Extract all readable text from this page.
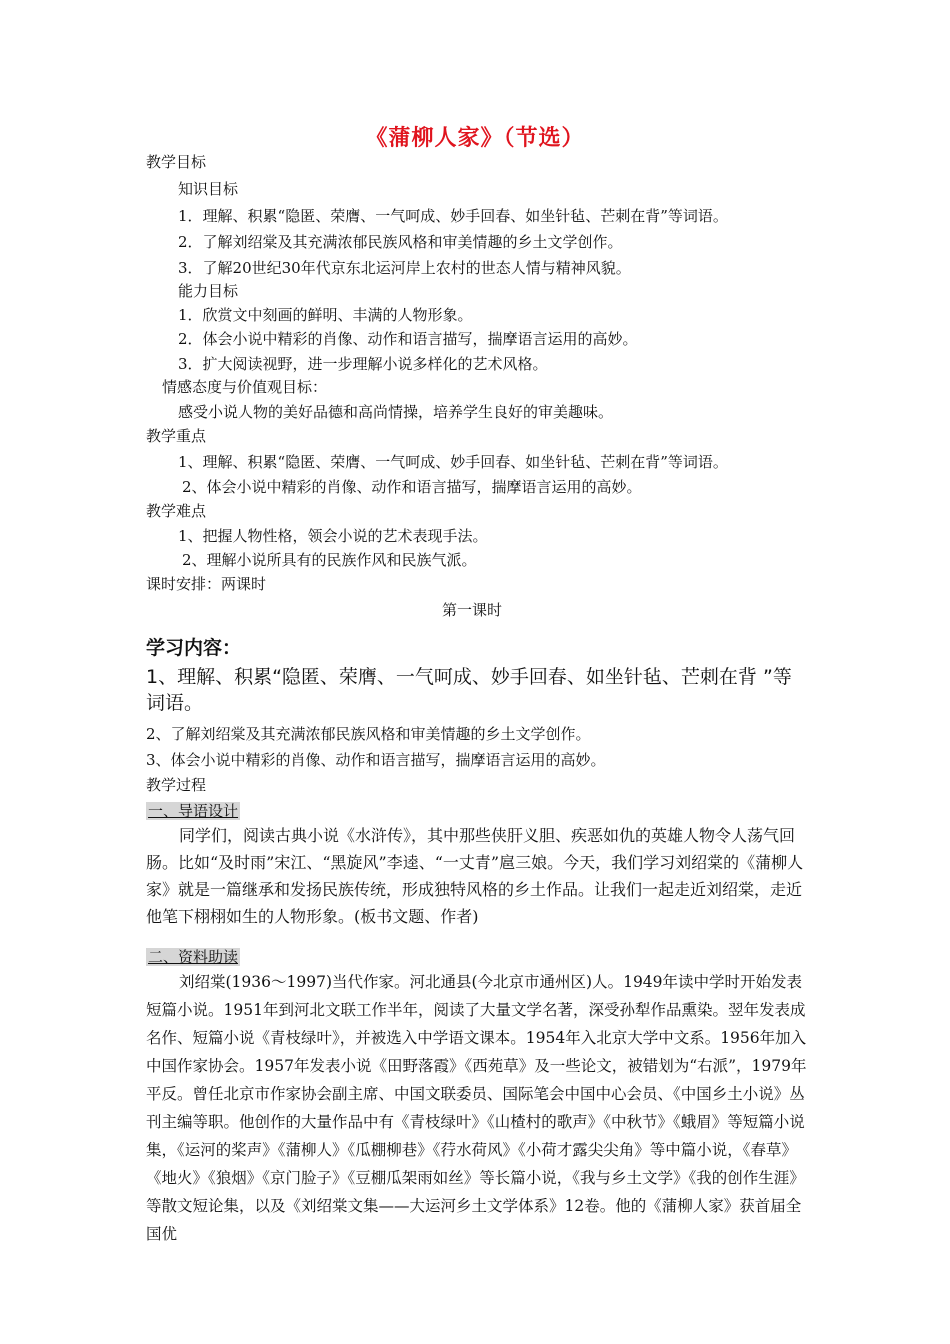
《蒲柳人家》（节选）
教学目标
知识目标
1．理解、积累“隐匿、荣膺、一气呵成、妙手回春、如坐针毡、芒刺在背”等词语。
2．了解刘绍棠及其充满浓郁民族风格和审美情趣的乡土文学创作。
3．了解20世纪30年代京东北运河岸上农村的世态人情与精神风貌。
能力目标
1．欣赏文中刻画的鲜明、丰满的人物形象。
2．体会小说中精彩的肖像、动作和语言描写，揣摩语言运用的高妙。
3．扩大阅读视野，进一步理解小说多样化的艺术风格。
情感态度与价值观目标：
感受小说人物的美好品德和高尚情操，培养学生良好的审美趣味。
教学重点
1、理解、积累“隐匿、荣膺、一气呵成、妙手回春、如坐针毡、芒刺在背”等词语。
2、体会小说中精彩的肖像、动作和语言描写，揣摩语言运用的高妙。
教学难点
1、把握人物性格，领会小说的艺术表现手法。
2、理解小说所具有的民族作风和民族气派。
课时安排：两课时
第一课时
学习内容：
1、理解、积累“隐匿、荣膺、一气呵成、妙手回春、如坐针毡、芒刺在背 ”等
词语。
2、了解刘绍棠及其充满浓郁民族风格和审美情趣的乡土文学创作。
3、体会小说中精彩的肖像、动作和语言描写，揣摩语言运用的高妙。
教学过程
一、导语设计
同学们，阅读古典小说《水浒传》，其中那些侠肝义胆、疾恶如仇的英雄人物令人荡气回肠。比如“及时雨”宋江、“黑旋风”李逵、“一丈青”扈三娘。今天，我们学习刘绍棠的《蒲柳人家》就是一篇继承和发扬民族传统，形成独特风格的乡土作品。让我们一起走近刘绍棠，走近他笔下栩栩如生的人物形象。(板书文题、作者)
二、资料助读
刘绍棠(1936～1997)当代作家。河北通县(今北京市通州区)人。1949年读中学时开始发表短篇小说。1951年到河北文联工作半年，阅读了大量文学名著，深受孙犁作品熏染。翌年发表成名作、短篇小说《青枝绿叶》，并被选入中学语文课本。1954年入北京大学中文系。1956年加入中国作家协会。1957年发表小说《田野落霞》《西苑草》及一些论文，被错划为“右派”，1979年平反。曾任北京市作家协会副主席、中国文联委员、国际笔会中国中心会员、《中国乡土小说》丛刊主编等职。他创作的大量作品中有《青枝绿叶》《山楂村的歌声》《中秋节》《蛾眉》等短篇小说集，《运河的桨声》《蒲柳人》《瓜棚柳巷》《荇水荷风》《小荷才露尖尖角》等中篇小说，《春草》《地火》《狼烟》《京门脸子》《豆棚瓜架雨如丝》等长篇小说，《我与乡土文学》《我的创作生涯》等散文短论集，以及《刘绍棠文集——大运河乡土文学体系》12卷。他的《蒲柳人家》获首届全国优
